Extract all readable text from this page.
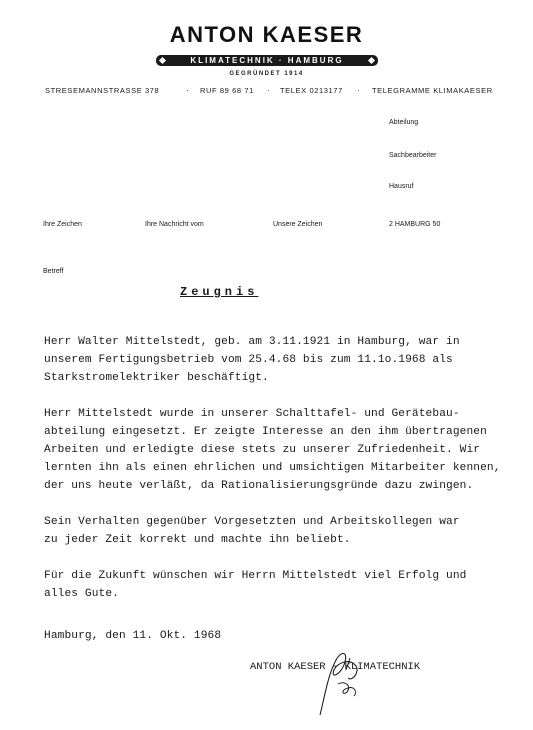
ANTON KAESER
KLIMATECHNIK · HAMBURG
GEGRÜNDET 1914
STRESEMANNSTRASSE 378	· RUF 89 68 71 · TELEX 0213177 · TELEGRAMME KLIMAKAESER
Abteilung
Sachbearbeiter
Hausruf
Ihre Zeichen	Ihre Nachricht vom	Unsere Zeichen	2 HAMBURG 50
Betreff
Zeugnis
Herr Walter Mittelstedt, geb. am 3.11.1921 in Hamburg, war in
unserem Fertigungsbetrieb vom 25.4.68 bis zum 11.1o.1968 als
Starkstromelektriker beschäftigt.
Herr Mittelstedt wurde in unserer Schalttafel- und Gerätebau-
abteilung eingesetzt. Er zeigte Interesse an den ihm übertragenen
Arbeiten und erledigte diese stets zu unserer Zufriedenheit. Wir
lernten ihn als einen ehrlichen und umsichtigen Mitarbeiter kennen,
der uns heute verläßt, da Rationalisierungsgründe dazu zwingen.
Sein Verhalten gegenüber Vorgesetzten und Arbeitskollegen war
zu jeder Zeit korrekt und machte ihn beliebt.
Für die Zukunft wünschen wir Herrn Mittelstedt viel Erfolg und
alles Gute.
Hamburg, den 11. Okt. 1968
ANTON KAESER - KLIMATECHNIK
